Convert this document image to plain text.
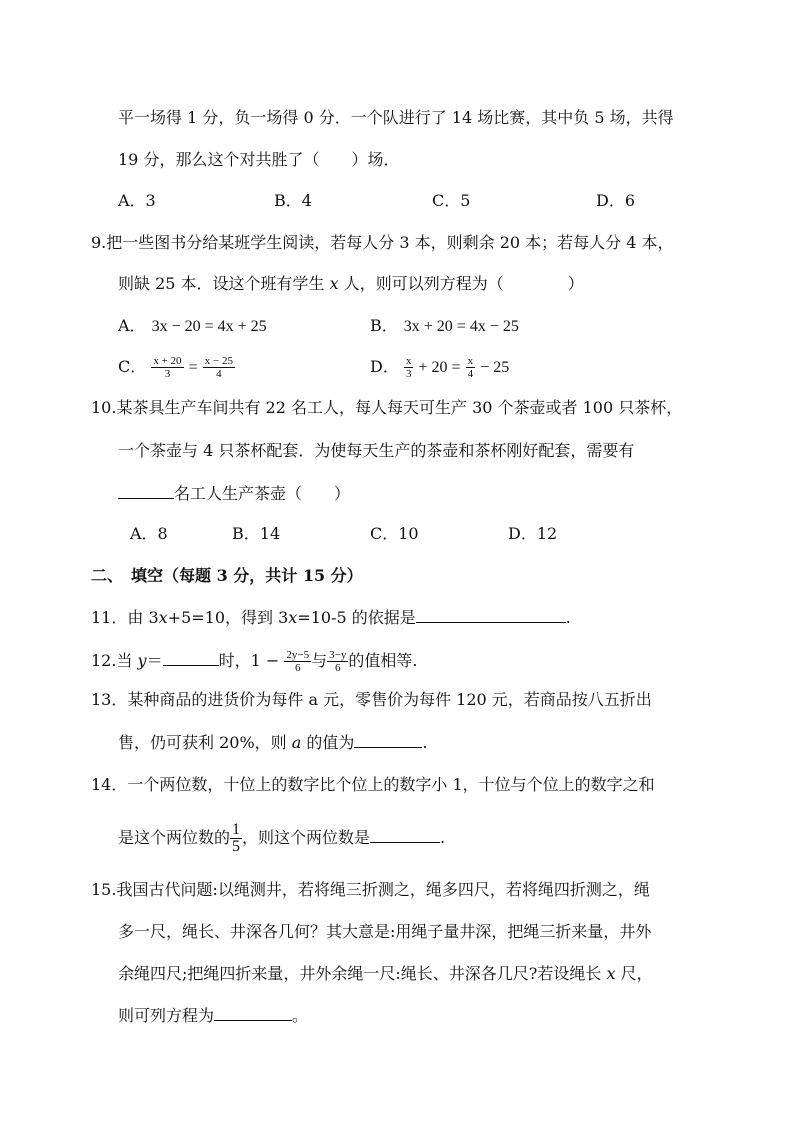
平一场得 1 分，负一场得 0 分．一个队进行了 14 场比赛，其中负 5 场，共得
19 分，那么这个对共胜了（　　）场．
A．3	B．4	C．5	D．6
9.把一些图书分给某班学生阅读，若每人分 3 本，则剩余 20 本；若每人分 4 本，
则缺 25 本．设这个班有学生 x 人，则可以列方程为（　　　　）
A． 3x − 20 = 4x + 25	B． 3x + 20 = 4x − 25
C． $\frac{x + 20}{3} = \frac{x - 25}{4}$	D． $\frac{x}{3} + 20 = \frac{x}{4} - 25$
10.某茶具生产车间共有 22 名工人，每人每天可生产 30 个茶壶或者 100 只茶杯，
一个茶壶与 4 只茶杯配套．为使每天生产的茶壶和茶杯刚好配套，需要有
名工人生产茶壶（　　）
A．8	B．14	C．10	D．12
二、　填空（每题 3 分，共计 15 分）
11．由 3x+5=10，得到 3x=10-5 的依据是	.
12.当 y＝	时，$1 - \frac{2y-5}{6}$ 与 $\frac{3-y}{6}$ 的值相等.
13．某种商品的进货价为每件 a 元，零售价为每件 120 元，若商品按八五折出
售，仍可获利 20%，则 a 的值为	.
14．一个两位数，十位上的数字比个位上的数字小 1，十位与个位上的数字之和
是这个两位数的 $\frac{1}{5}$ ，则这个两位数是	.
15.我国古代问题:以绳测井，若将绳三折测之，绳多四尺，若将绳四折测之，绳
多一尺，绳长、井深各几何？其大意是:用绳子量井深，把绳三折来量，井外
余绳四尺;把绳四折来量，井外余绳一尺:绳长、井深各几尺?若设绳长 x 尺，
则可列方程为	。
